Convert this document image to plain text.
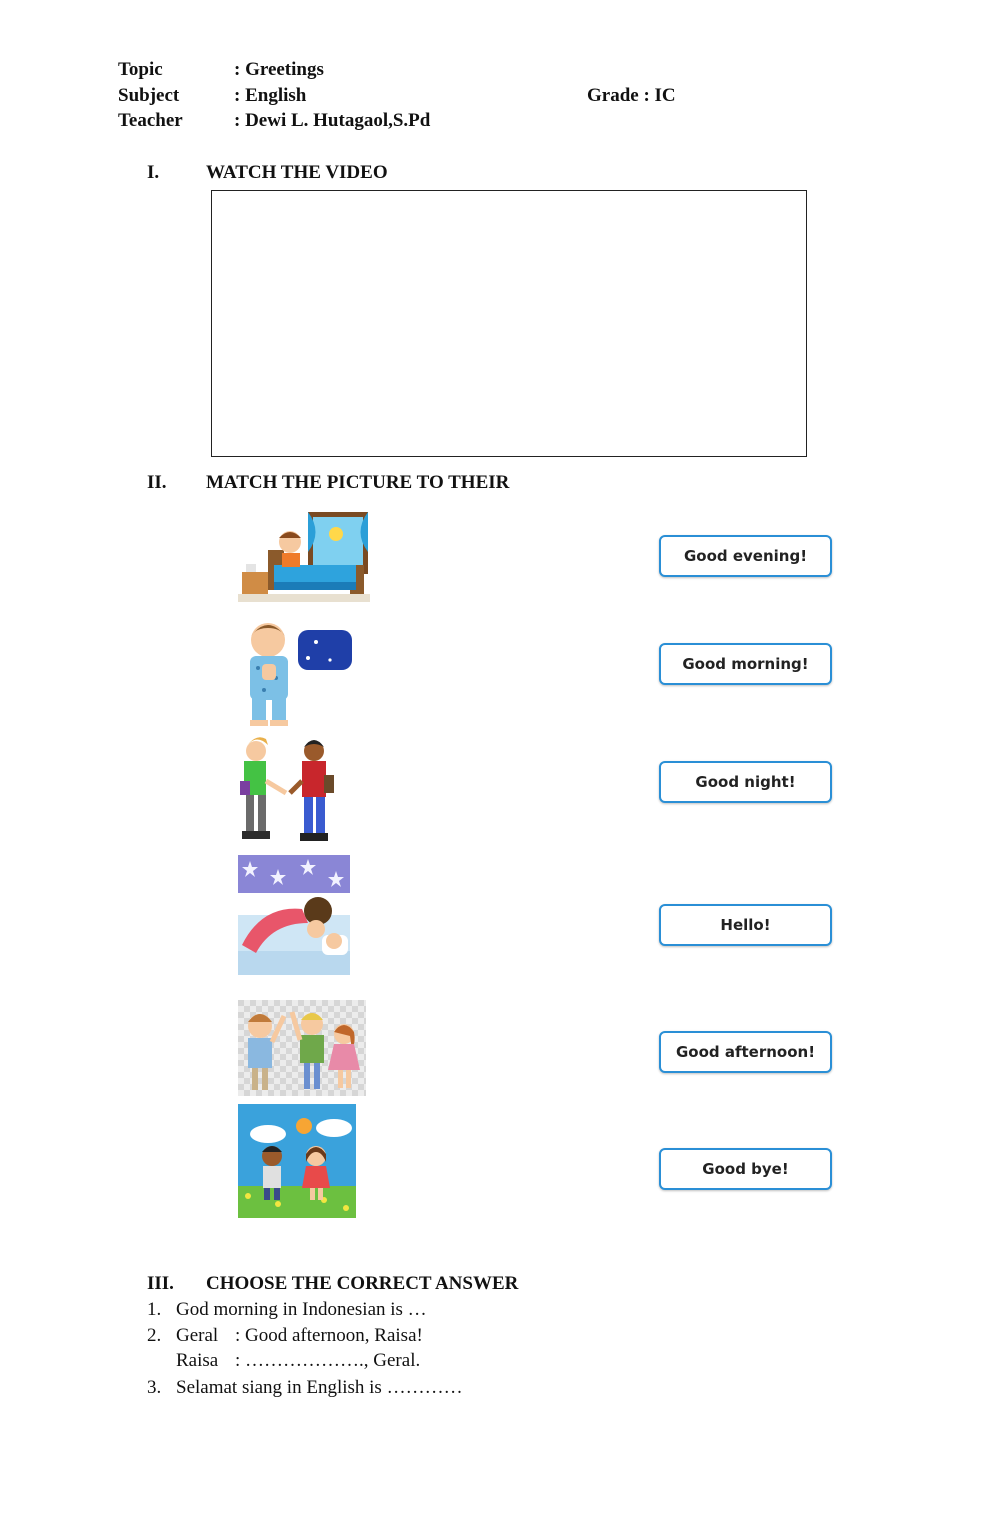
Topic	: Greetings
Subject	: English	Grade : IC
Teacher	: Dewi L. Hutagaol,S.Pd
I. WATCH THE VIDEO
II. MATCH THE PICTURE TO THEIR
Good evening!
Good morning!
Good night!
Hello!
Good afternoon!
Good bye!
III. CHOOSE THE CORRECT ANSWER
1. God morning in Indonesian is …
2. Geral : Good afternoon, Raisa!
Raisa : ………………., Geral.
3. Selamat siang in English is …………
